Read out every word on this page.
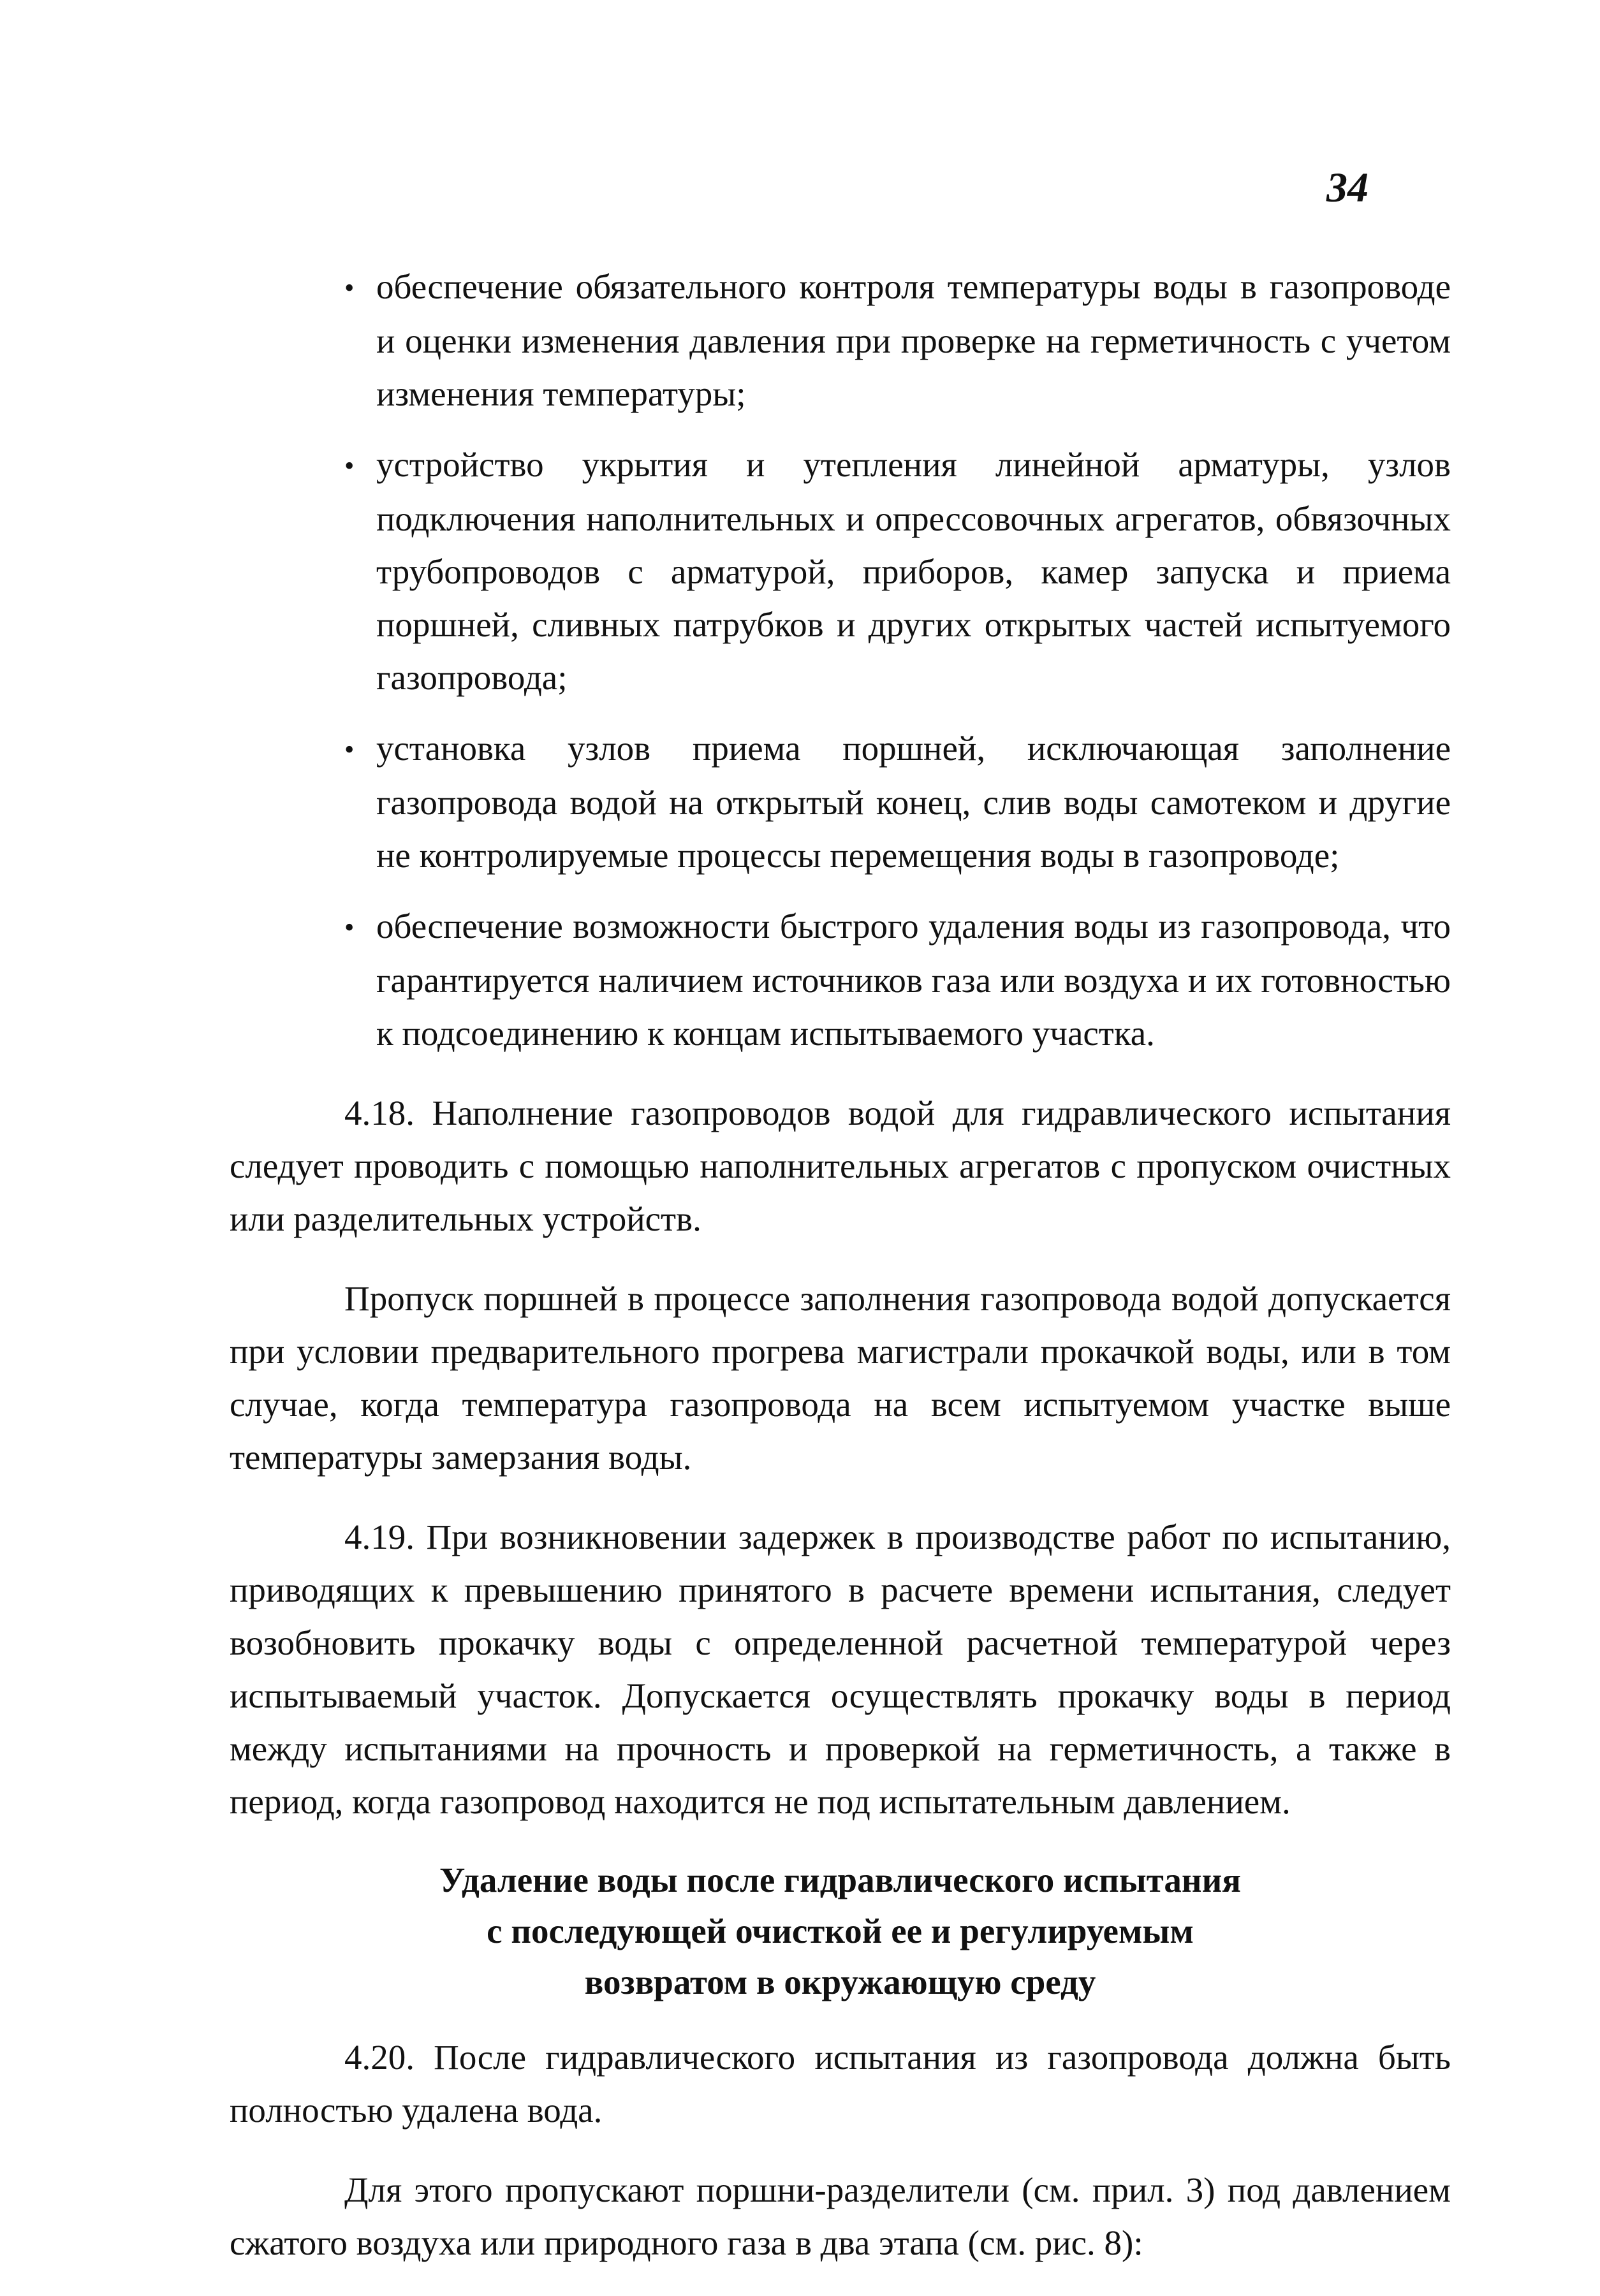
34
• обеспечение обязательного контроля температуры воды в газопроводе и оценки изменения давления при проверке на герметичность с учетом изменения температуры;
• устройство укрытия и утепления линейной арматуры, узлов подключения наполнительных и опрессовочных агрегатов, обвязочных трубопроводов с арматурой, приборов, камер запуска и приема поршней, сливных патрубков и других открытых частей испытуемого газопровода;
• установка узлов приема поршней, исключающая заполнение газопровода водой на открытый конец, слив воды самотеком и другие не контролируемые процессы перемещения воды в газопроводе;
• обеспечение возможности быстрого удаления воды из газопровода, что гарантируется наличием источников газа или воздуха и их готовностью к подсоединению к концам испытываемого участка.

4.18. Наполнение газопроводов водой для гидравлического испытания следует проводить с помощью наполнительных агрегатов с пропуском очистных или разделительных устройств.

Пропуск поршней в процессе заполнения газопровода водой допускается при условии предварительного прогрева магистрали прокачкой воды, или в том случае, когда температура газопровода на всем испытуемом участке выше температуры замерзания воды.

4.19. При возникновении задержек в производстве работ по испытанию, приводящих к превышению принятого в расчете времени испытания, следует возобновить прокачку воды с определенной расчетной температурой через испытываемый участок. Допускается осуществлять прокачку воды в период между испытаниями на прочность и проверкой на герметичность, а также в период, когда газопровод находится не под испытательным давлением.

Удаление воды после гидравлического испытания
с последующей очисткой ее и регулируемым
возвратом в окружающую среду

4.20. После гидравлического испытания из газопровода должна быть полностью удалена вода.

Для этого пропускают поршни-разделители (см. прил. 3) под давлением сжатого воздуха или природного газа в два этапа (см. рис. 8):
